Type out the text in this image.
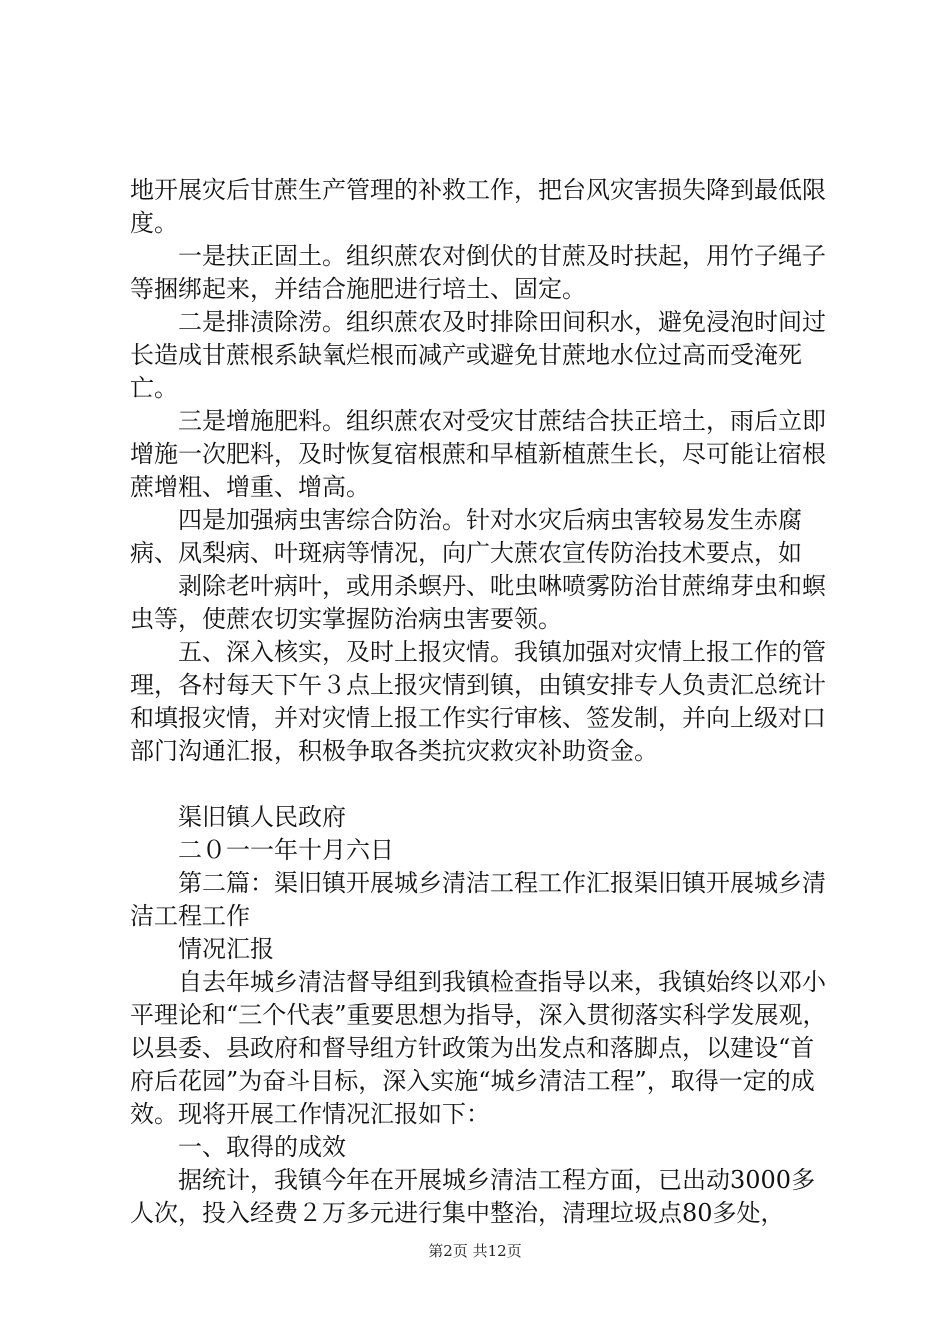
地开展灾后甘蔗生产管理的补救工作，把台风灾害损失降到最低限度。

一是扶正固土。组织蔗农对倒伏的甘蔗及时扶起，用竹子绳子等捆绑起来，并结合施肥进行培土、固定。

二是排渍除涝。组织蔗农及时排除田间积水，避免浸泡时间过长造成甘蔗根系缺氧烂根而减产或避免甘蔗地水位过高而受淹死亡。

三是增施肥料。组织蔗农对受灾甘蔗结合扶正培土，雨后立即增施一次肥料，及时恢复宿根蔗和早植新植蔗生长，尽可能让宿根蔗增粗、增重、增高。

四是加强病虫害综合防治。针对水灾后病虫害较易发生赤腐病、凤梨病、叶斑病等情况，向广大蔗农宣传防治技术要点，如

剥除老叶病叶，或用杀螟丹、吡虫啉喷雾防治甘蔗绵芽虫和螟虫等，使蔗农切实掌握防治病虫害要领。

五、深入核实，及时上报灾情。我镇加强对灾情上报工作的管理，各村每天下午３点上报灾情到镇，由镇安排专人负责汇总统计和填报灾情，并对灾情上报工作实行审核、签发制，并向上级对口部门沟通汇报，积极争取各类抗灾救灾补助资金。

渠旧镇人民政府

二０一一年十月六日

第二篇：渠旧镇开展城乡清洁工程工作汇报渠旧镇开展城乡清洁工程工作

情况汇报

自去年城乡清洁督导组到我镇检查指导以来，我镇始终以邓小平理论和“三个代表”重要思想为指导，深入贯彻落实科学发展观，以县委、县政府和督导组方针政策为出发点和落脚点，以建设“首府后花园”为奋斗目标，深入实施“城乡清洁工程”，取得一定的成效。现将开展工作情况汇报如下：

一、取得的成效

据统计，我镇今年在开展城乡清洁工程方面，已出动3000多人次，投入经费２万多元进行集中整治，清理垃圾点80多处，

第2页 共12页
